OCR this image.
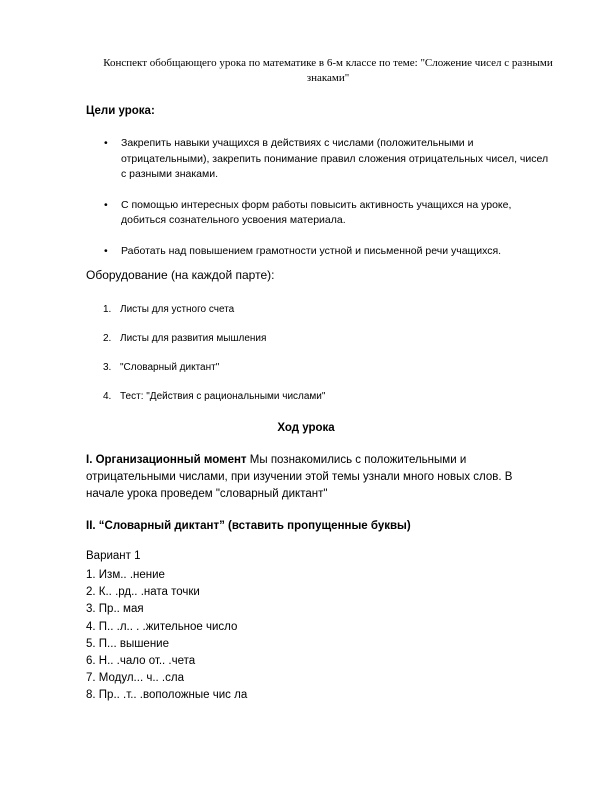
Конспект обобщающего урока по математике в 6-м классе по теме: "Сложение чисел с разными знаками"
Цели урока:
• Закрепить навыки учащихся в действиях с числами (положительными и отрицательными), закрепить понимание правил сложения отрицательных чисел, чисел с разными знаками.
• С помощью интересных форм работы повысить активность учащихся на уроке, добиться сознательного усвоения материала.
• Работать над повышением грамотности устной и письменной речи учащихся.
Оборудование (на каждой парте):
1. Листы для устного счета
2. Листы для развития мышления
3. "Словарный диктант"
4. Тест: "Действия с рациональными числами"
Ход урока
I. Организационный момент Мы познакомились с положительными и отрицательными числами, при изучении этой темы узнали много новых слов. В начале урока проведем "словарный диктант"
II. “Словарный диктант” (вставить пропущенные буквы)
Вариант 1
1. Изм.. .нение
2. К.. .рд.. .ната точки
3. Пр.. мая
4. П.. .л.. . .жительное число
5. П... вышение
6. Н.. .чало от.. .чета
7. Модул... ч.. .сла
8. Пр.. .т.. .воположные чис ла
